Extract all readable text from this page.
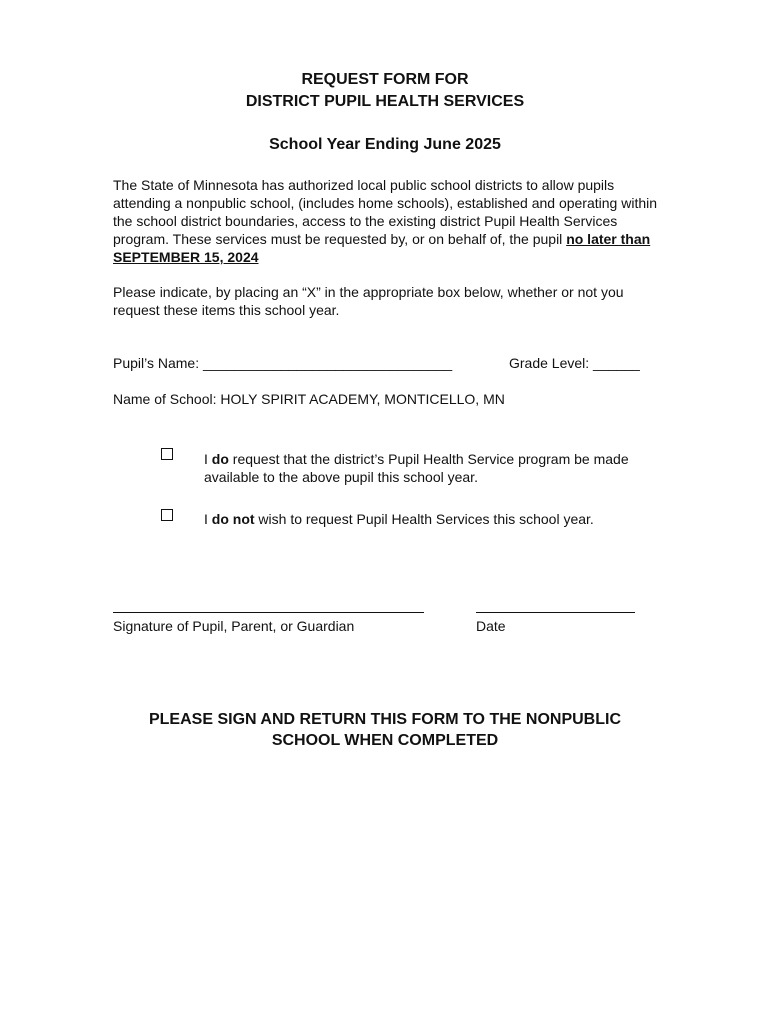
REQUEST FORM FOR
DISTRICT PUPIL HEALTH SERVICES
School Year Ending June 2025
The State of Minnesota has authorized local public school districts to allow pupils attending a nonpublic school, (includes home schools), established and operating within the school district boundaries, access to the existing district Pupil Health Services program. These services must be requested by, or on behalf of, the pupil no later than SEPTEMBER 15, 2024
Please indicate, by placing an “X” in the appropriate box below, whether or not you request these items this school year.
Pupil’s Name: ________________________________	Grade Level: ______
Name of School: HOLY SPIRIT ACADEMY, MONTICELLO, MN
I do request that the district’s Pupil Health Service program be made available to the above pupil this school year.
I do not wish to request Pupil Health Services this school year.
Signature of Pupil, Parent, or Guardian	Date
PLEASE SIGN AND RETURN THIS FORM TO THE NONPUBLIC
SCHOOL WHEN COMPLETED
